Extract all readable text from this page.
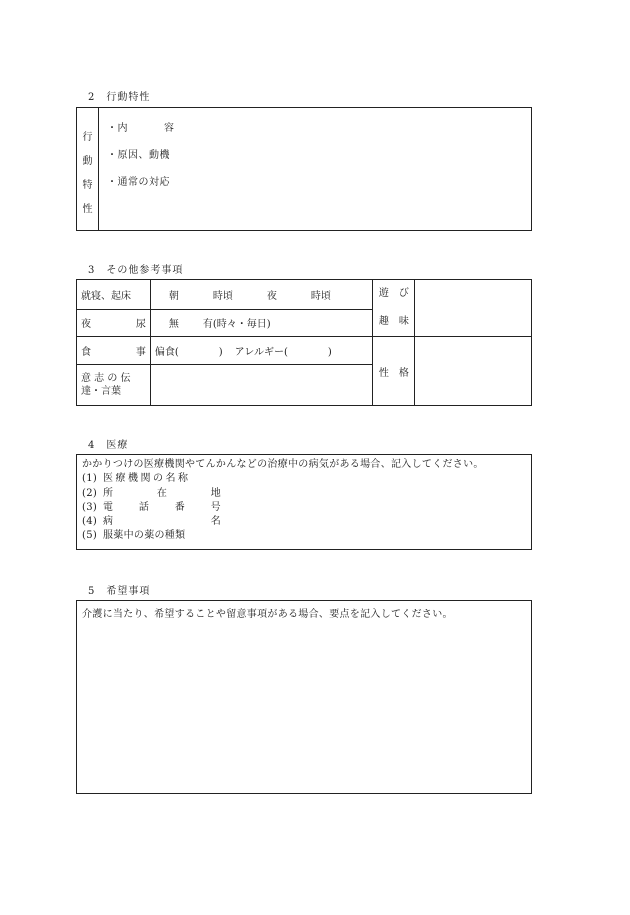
2　行動特性
行
動
特
性
・内	容
・原因、動機
・通常の対応
3　その他参考事項
就寝、起床	朝 時頃 夜 時頃	遊　び
趣　味	

夜 尿	無 有(時々・毎日)		

食 事	偏食(　　　　) アレルギー(　　　　)	性　格	

意 志 の 伝
達・言葉			

4　医療
かかりつけの医療機関やてんかんなどの治療中の病気がある場合、記入してください。
(1) 医療機関の名称
(2) 所	在	地
(3) 電	話	番	号
(4) 病	名
(5) 服薬中の薬の種類
5　希望事項
介護に当たり、希望することや留意事項がある場合、要点を記入してください。
